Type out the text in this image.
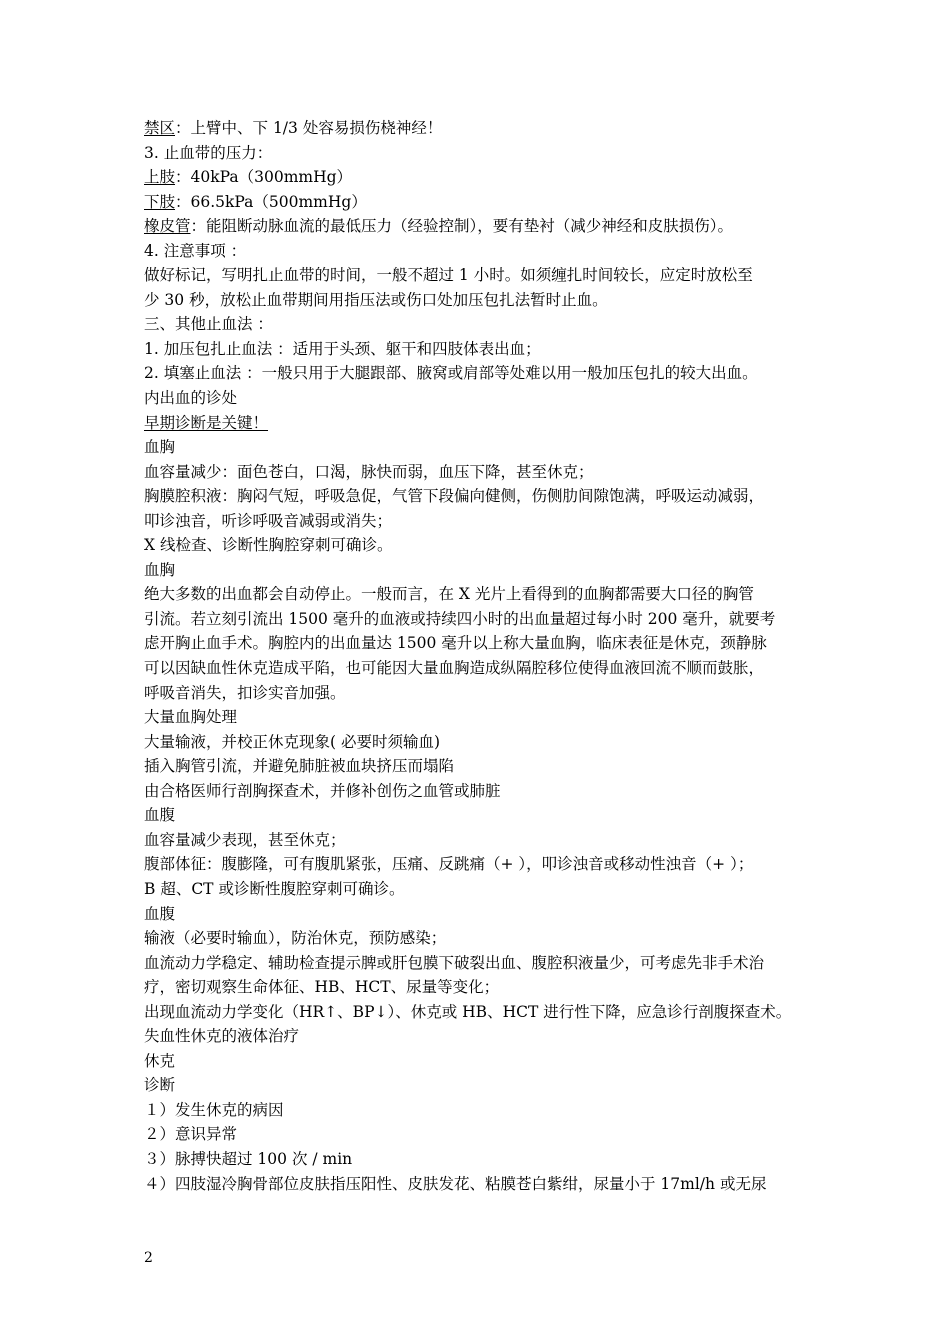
禁区：上臂中、下 1/3 处容易损伤桡神经！
3. 止血带的压力：
上肢：40kPa（300mmHg）
下肢：66.5kPa（500mmHg）
橡皮管：能阻断动脉血流的最低压力（经验控制），要有垫衬（减少神经和皮肤损伤）。
4. 注意事项 ：
做好标记，写明扎止血带的时间，一般不超过 1 小时。如须缠扎时间较长，应定时放松至
少 30 秒，放松止血带期间用指压法或伤口处加压包扎法暂时止血。
三、其他止血法 ：
1. 加压包扎止血法 ：适用于头颈、躯干和四肢体表出血；
2. 填塞止血法 ：一般只用于大腿跟部、腋窝或肩部等处难以用一般加压包扎的较大出血。
内出血的诊处
早期诊断是关键！
血胸
血容量减少：面色苍白，口渴，脉快而弱，血压下降，甚至休克；
胸膜腔积液：胸闷气短，呼吸急促，气管下段偏向健侧，伤侧肋间隙饱满，呼吸运动减弱，
叩诊浊音，听诊呼吸音减弱或消失；
X 线检查、诊断性胸腔穿刺可确诊。
血胸
绝大多数的出血都会自动停止。一般而言，在 X 光片上看得到的血胸都需要大口径的胸管
引流。若立刻引流出 1500 毫升的血液或持续四小时的出血量超过每小时 200 毫升，就要考
虑开胸止血手术。胸腔内的出血量达 1500 毫升以上称大量血胸，临床表征是休克，颈静脉
可以因缺血性休克造成平陷，也可能因大量血胸造成纵隔腔移位使得血液回流不顺而鼓胀，
呼吸音消失，扣诊实音加强。
大量血胸处理
大量输液，并校正休克现象( 必要时须输血)
插入胸管引流，并避免肺脏被血块挤压而塌陷
由合格医师行剖胸探查术，并修补创伤之血管或肺脏
血腹
血容量减少表现，甚至休克；
腹部体征：腹膨隆，可有腹肌紧张，压痛、反跳痛（+ ），叩诊浊音或移动性浊音（+ ）；
B 超、CT 或诊断性腹腔穿刺可确诊。
血腹
输液（必要时输血），防治休克，预防感染；
血流动力学稳定、辅助检查提示脾或肝包膜下破裂出血、腹腔积液量少，可考虑先非手术治
疗，密切观察生命体征、HB、HCT、尿量等变化；
出现血流动力学变化（HR↑、BP↓）、休克或 HB、HCT 进行性下降，应急诊行剖腹探查术。
失血性休克的液体治疗
休克
诊断
１）发生休克的病因
２）意识异常
３）脉搏快超过 100 次 / min
４）四肢湿冷胸骨部位皮肤指压阳性、皮肤发花、粘膜苍白紫绀，尿量小于 17ml/h 或无尿
2
